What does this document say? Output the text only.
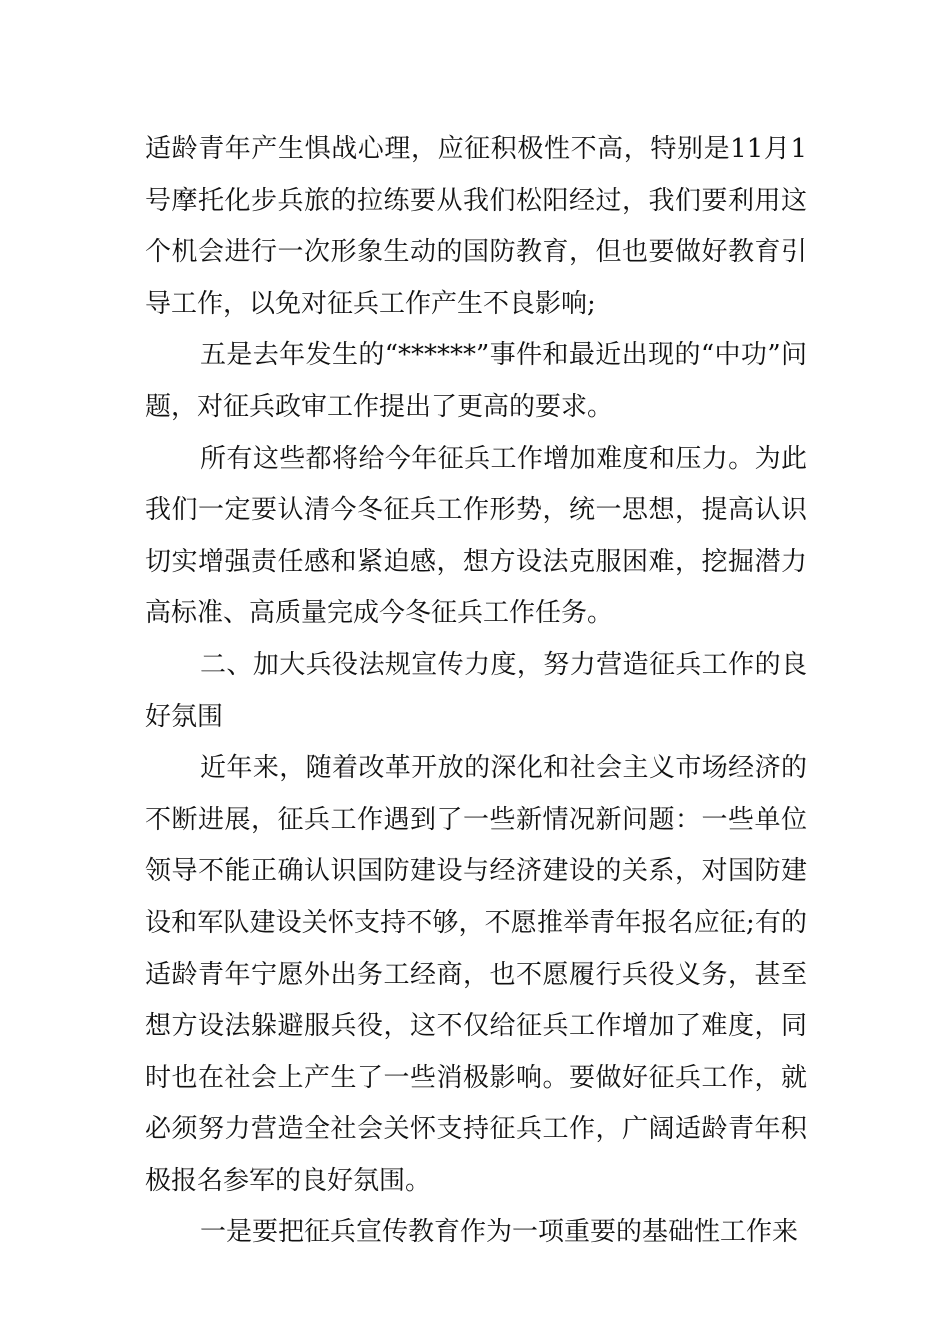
适龄青年产生惧战心理，应征积极性不高，特别是11月1号摩托化步兵旅的拉练要从我们松阳经过，我们要利用这个机会进行一次形象生动的国防教育，但也要做好教育引导工作，以免对征兵工作产生不良影响;

五是去年发生的“******”事件和最近出现的“中功”问题，对征兵政审工作提出了更高的要求。

所有这些都将给今年征兵工作增加难度和压力。为此我们一定要认清今冬征兵工作形势，统一思想，提高认识切实增强责任感和紧迫感，想方设法克服困难，挖掘潜力高标准、高质量完成今冬征兵工作任务。

二、加大兵役法规宣传力度，努力营造征兵工作的良好氛围

近年来，随着改革开放的深化和社会主义市场经济的不断进展，征兵工作遇到了一些新情况新问题：一些单位领导不能正确认识国防建设与经济建设的关系，对国防建设和军队建设关怀支持不够，不愿推举青年报名应征;有的适龄青年宁愿外出务工经商，也不愿履行兵役义务，甚至想方设法躲避服兵役，这不仅给征兵工作增加了难度，同时也在社会上产生了一些消极影响。要做好征兵工作，就必须努力营造全社会关怀支持征兵工作，广阔适龄青年积极报名参军的良好氛围。

一是要把征兵宣传教育作为一项重要的基础性工作来
